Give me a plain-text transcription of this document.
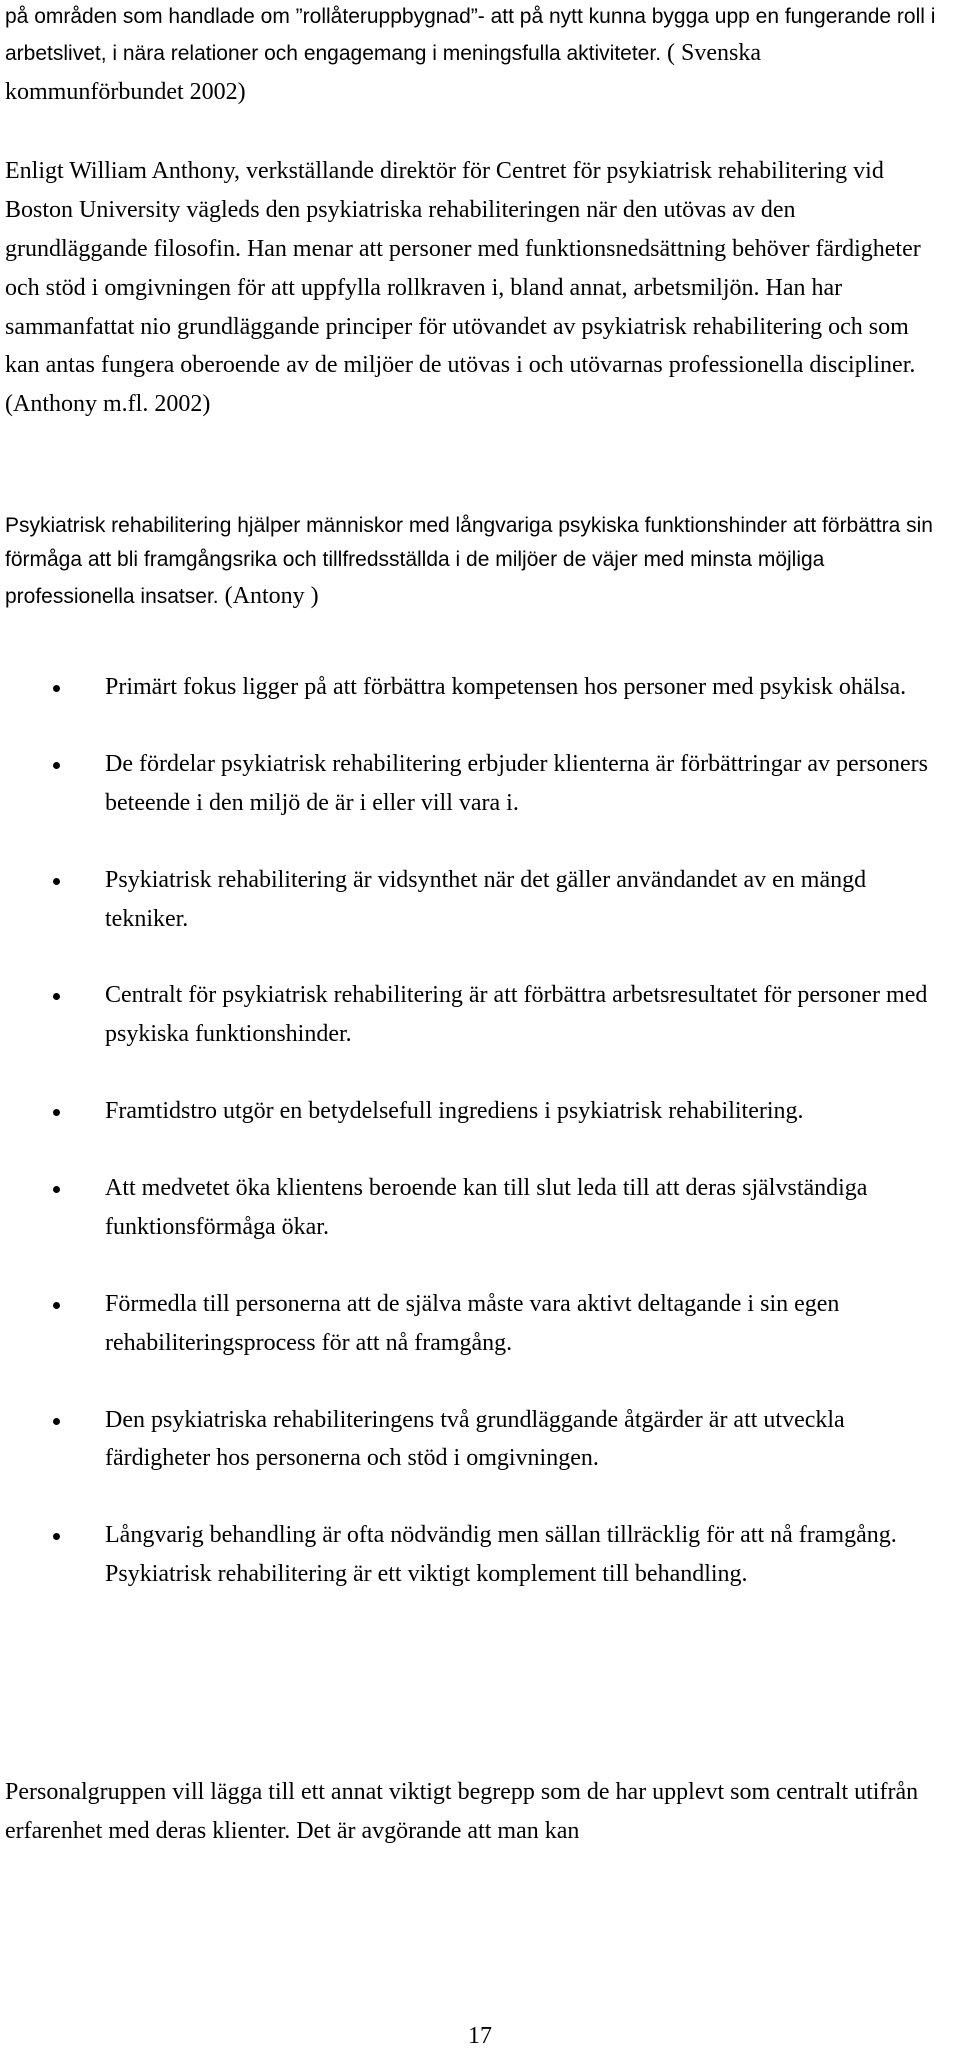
på områden som handlade om ”rollåteruppbygnad”- att på nytt kunna bygga upp en fungerande roll i arbetslivet, i nära relationer och engagemang i meningsfulla aktiviteter. ( Svenska kommunförbundet 2002)

Enligt William Anthony, verkställande direktör för Centret för psykiatrisk rehabilitering vid Boston University vägleds den psykiatriska rehabiliteringen när den utövas av den grundläggande filosofin. Han menar att personer med funktionsnedsättning behöver färdigheter och stöd i omgivningen för att uppfylla rollkraven i, bland annat, arbetsmiljön. Han har sammanfattat nio grundläggande principer för utövandet av psykiatrisk rehabilitering och som kan antas fungera oberoende av de miljöer de utövas i och utövarnas professionella discipliner. (Anthony m.fl. 2002)

Psykiatrisk rehabilitering hjälper människor med långvariga psykiska funktionshinder att förbättra sin förmåga att bli framgångsrika och tillfredsställda i de miljöer de väjer med minsta möjliga professionella insatser. (Antony )

Primärt fokus ligger på att förbättra kompetensen hos personer med psykisk ohälsa.
De fördelar psykiatrisk rehabilitering erbjuder klienterna är förbättringar av personers beteende i den miljö de är i eller vill vara i.
Psykiatrisk rehabilitering är vidsynthet när det gäller användandet av en mängd tekniker.
Centralt för psykiatrisk rehabilitering är att förbättra arbetsresultatet för personer med psykiska funktionshinder.
Framtidstro utgör en betydelsefull ingrediens i psykiatrisk rehabilitering.
Att medvetet öka klientens beroende kan till slut leda till att deras självständiga funktionsförmåga ökar.
Förmedla till personerna att de själva måste vara aktivt deltagande i sin egen rehabiliteringsprocess för att nå framgång.
Den psykiatriska rehabiliteringens två grundläggande åtgärder är att utveckla färdigheter hos personerna och stöd i omgivningen.
Långvarig behandling är ofta nödvändig men sällan tillräcklig för att nå framgång. Psykiatrisk rehabilitering är ett viktigt komplement till behandling.

Personalgruppen vill lägga till ett annat viktigt begrepp som de har upplevt som centralt utifrån erfarenhet med deras klienter. Det är avgörande att man kan

17
